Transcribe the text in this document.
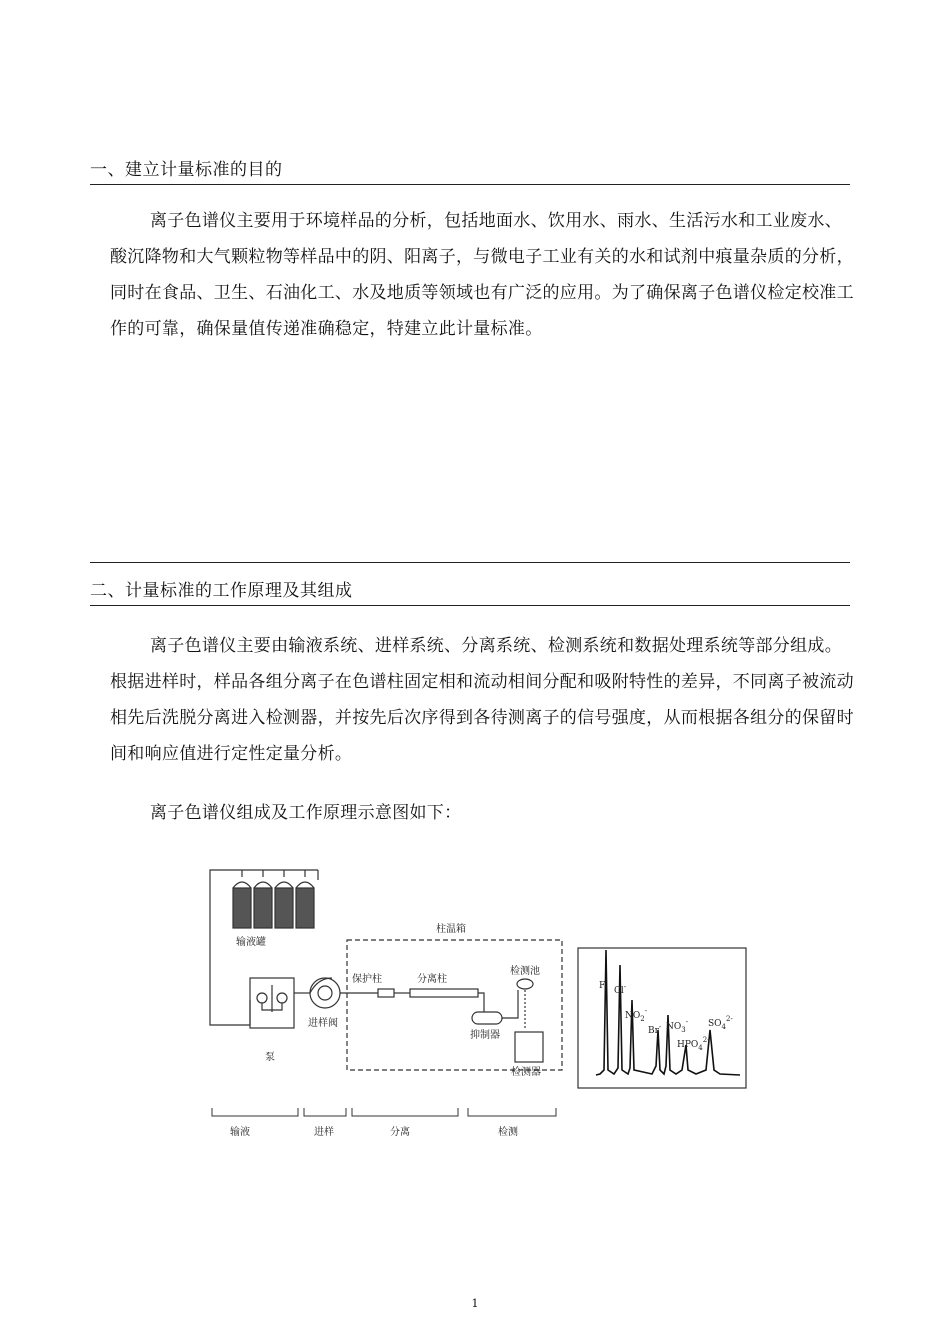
一、建立计量标准的目的

离子色谱仪主要用于环境样品的分析，包括地面水、饮用水、雨水、生活污水和工业废水、酸沉降物和大气颗粒物等样品中的阴、阳离子，与微电子工业有关的水和试剂中痕量杂质的分析，同时在食品、卫生、石油化工、水及地质等领域也有广泛的应用。为了确保离子色谱仪检定校准工作的可靠，确保量值传递准确稳定，特建立此计量标准。

二、计量标准的工作原理及其组成

离子色谱仪主要由输液系统、进样系统、分离系统、检测系统和数据处理系统等部分组成。根据进样时，样品各组分离子在色谱柱固定相和流动相间分配和吸附特性的差异，不同离子被流动相先后洗脱分离进入检测器，并按先后次序得到各待测离子的信号强度，从而根据各组分的保留时间和响应值进行定性定量分析。

离子色谱仪组成及工作原理示意图如下：
输液罐
泵
进样阀
柱温箱
保护柱	分离柱
检测池
抑制器
检测器
输液	进样	分离	检测
F-
Cl-
$NO_2^-$
Br- $NO_3^-$
$HPO_4^{2-}$
$SO_4^{2-}$
1
